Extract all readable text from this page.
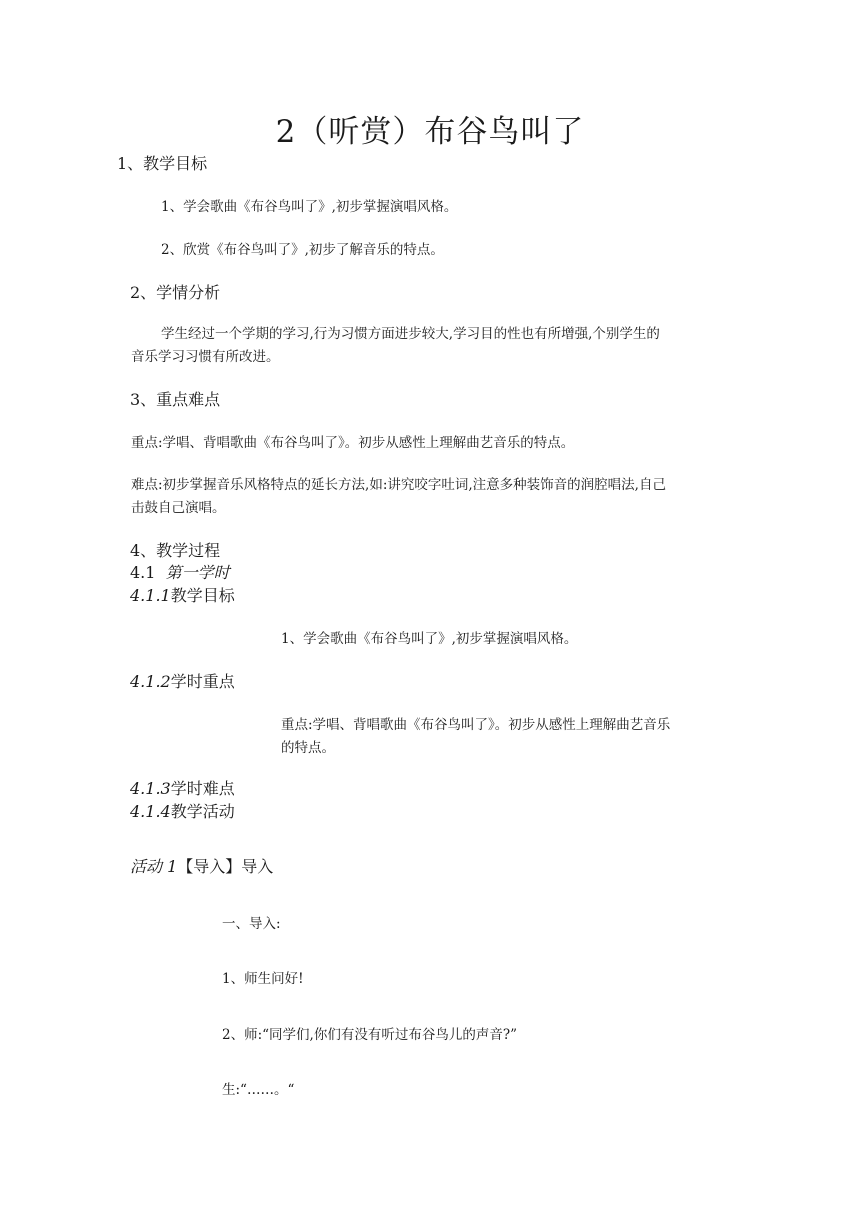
2（听赏）布谷鸟叫了
1、教学目标
1、学会歌曲《布谷鸟叫了》,初步掌握演唱风格。
2、欣赏《布谷鸟叫了》,初步了解音乐的特点。
2、学情分析
学生经过一个学期的学习,行为习惯方面进步较大,学习目的性也有所增强,个别学生的
音乐学习习惯有所改进。
3、重点难点
重点:学唱、背唱歌曲《布谷鸟叫了》。初步从感性上理解曲艺音乐的特点。
难点:初步掌握音乐风格特点的延长方法,如:讲究咬字吐词,注意多种装饰音的润腔唱法,自己
击鼓自己演唱。
4、教学过程
4.1 第一学时
4.1.1教学目标
1、学会歌曲《布谷鸟叫了》,初步掌握演唱风格。
4.1.2学时重点
重点:学唱、背唱歌曲《布谷鸟叫了》。初步从感性上理解曲艺音乐
的特点。
4.1.3学时难点
4.1.4教学活动
活动 1【导入】导入
一、导入:
1、师生问好!
2、师:“同学们,你们有没有听过布谷鸟儿的声音?”
生:“……。“
